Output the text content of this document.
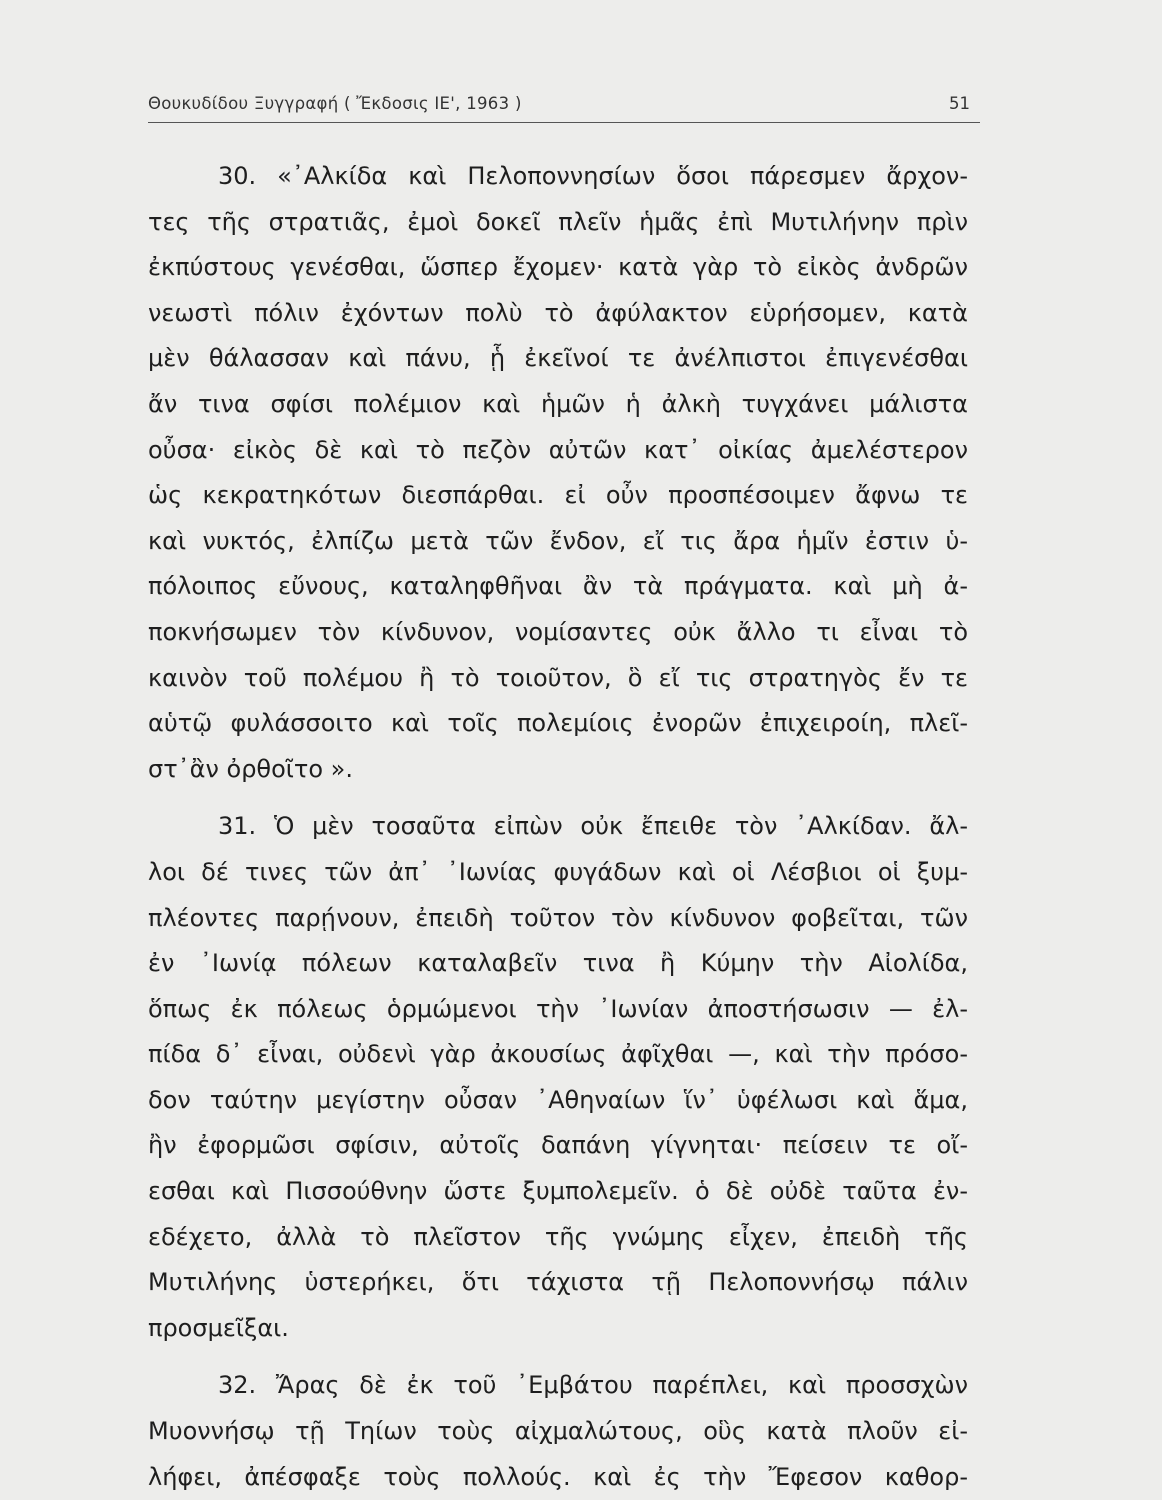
Θουκυδίδου Ξυγγραφή ( Ἔκδοσις ΙΕ', 1963 )	51
30. «᾿Αλκίδα καὶ Πελοποννησίων ὅσοι πάρεσμεν ἄρχον-
τες τῆς στρατιᾶς, ἐμοὶ δοκεῖ πλεῖν ἡμᾶς ἐπὶ Μυτιλήνην πρὶν
ἐκπύστους γενέσθαι, ὥσπερ ἔχομεν· κατὰ γὰρ τὸ εἰκὸς ἀνδρῶν
νεωστὶ πόλιν ἐχόντων πολὺ τὸ ἀφύλακτον εὑρήσομεν, κατὰ
μὲν θάλασσαν καὶ πάνυ, ᾗ ἐκεῖνοί τε ἀνέλπιστοι ἐπιγενέσθαι
ἄν τινα σφίσι πολέμιον καὶ ἡμῶν ἡ ἀλκὴ τυγχάνει μάλιστα
οὖσα· εἰκὸς δὲ καὶ τὸ πεζὸν αὐτῶν κατ᾽ οἰκίας ἀμελέστερον
ὡς κεκρατηκότων διεσπάρθαι. εἰ οὖν προσπέσοιμεν ἄφνω τε
καὶ νυκτός, ἐλπίζω μετὰ τῶν ἔνδον, εἴ τις ἄρα ἡμῖν ἐστιν ὑ-
πόλοιπος εὔνους, καταληφθῆναι ἂν τὰ πράγματα. καὶ μὴ ἀ-
ποκνήσωμεν τὸν κίνδυνον, νομίσαντες οὐκ ἄλλο τι εἶναι τὸ
καινὸν τοῦ πολέμου ἢ τὸ τοιοῦτον, ὃ εἴ τις στρατηγὸς ἔν τε
αὑτῷ φυλάσσοιτο καὶ τοῖς πολεμίοις ἐνορῶν ἐπιχειροίη, πλεῖ-
στ᾽ἂν ὀρθοῖτο ».
31. Ὁ μὲν τοσαῦτα εἰπὼν οὐκ ἔπειθε τὸν ᾿Αλκίδαν. ἄλ-
λοι δέ τινες τῶν ἀπ᾽ ᾿Ιωνίας φυγάδων καὶ οἱ Λέσβιοι οἱ ξυμ-
πλέοντες παρῄνουν, ἐπειδὴ τοῦτον τὸν κίνδυνον φοβεῖται, τῶν
ἐν ᾿Ιωνίᾳ πόλεων καταλαβεῖν τινα ἢ Κύμην τὴν Αἰολίδα,
ὅπως ἐκ πόλεως ὁρμώμενοι τὴν ᾿Ιωνίαν ἀποστήσωσιν — ἐλ-
πίδα δ᾽ εἶναι, οὐδενὶ γὰρ ἀκουσίως ἀφῖχθαι —, καὶ τὴν πρόσο-
δον ταύτην μεγίστην οὖσαν ᾿Αθηναίων ἵν᾽ ὑφέλωσι καὶ ἅμα,
ἢν ἐφορμῶσι σφίσιν, αὐτοῖς δαπάνη γίγνηται· πείσειν τε οἴ-
εσθαι καὶ Πισσούθνην ὥστε ξυμπολεμεῖν. ὁ δὲ οὐδὲ ταῦτα ἐν-
εδέχετο, ἀλλὰ τὸ πλεῖστον τῆς γνώμης εἶχεν, ἐπειδὴ τῆς
Μυτιλήνης ὑστερήκει, ὅτι τάχιστα τῇ Πελοποννήσῳ πάλιν
προσμεῖξαι.
32. Ἄρας δὲ ἐκ τοῦ ᾿Εμβάτου παρέπλει, καὶ προσσχὼν
Μυοννήσῳ τῇ Τηίων τοὺς αἰχμαλώτους, οὓς κατὰ πλοῦν εἰ-
λήφει, ἀπέσφαξε τοὺς πολλούς. καὶ ἐς τὴν Ἔφεσον καθορ-
